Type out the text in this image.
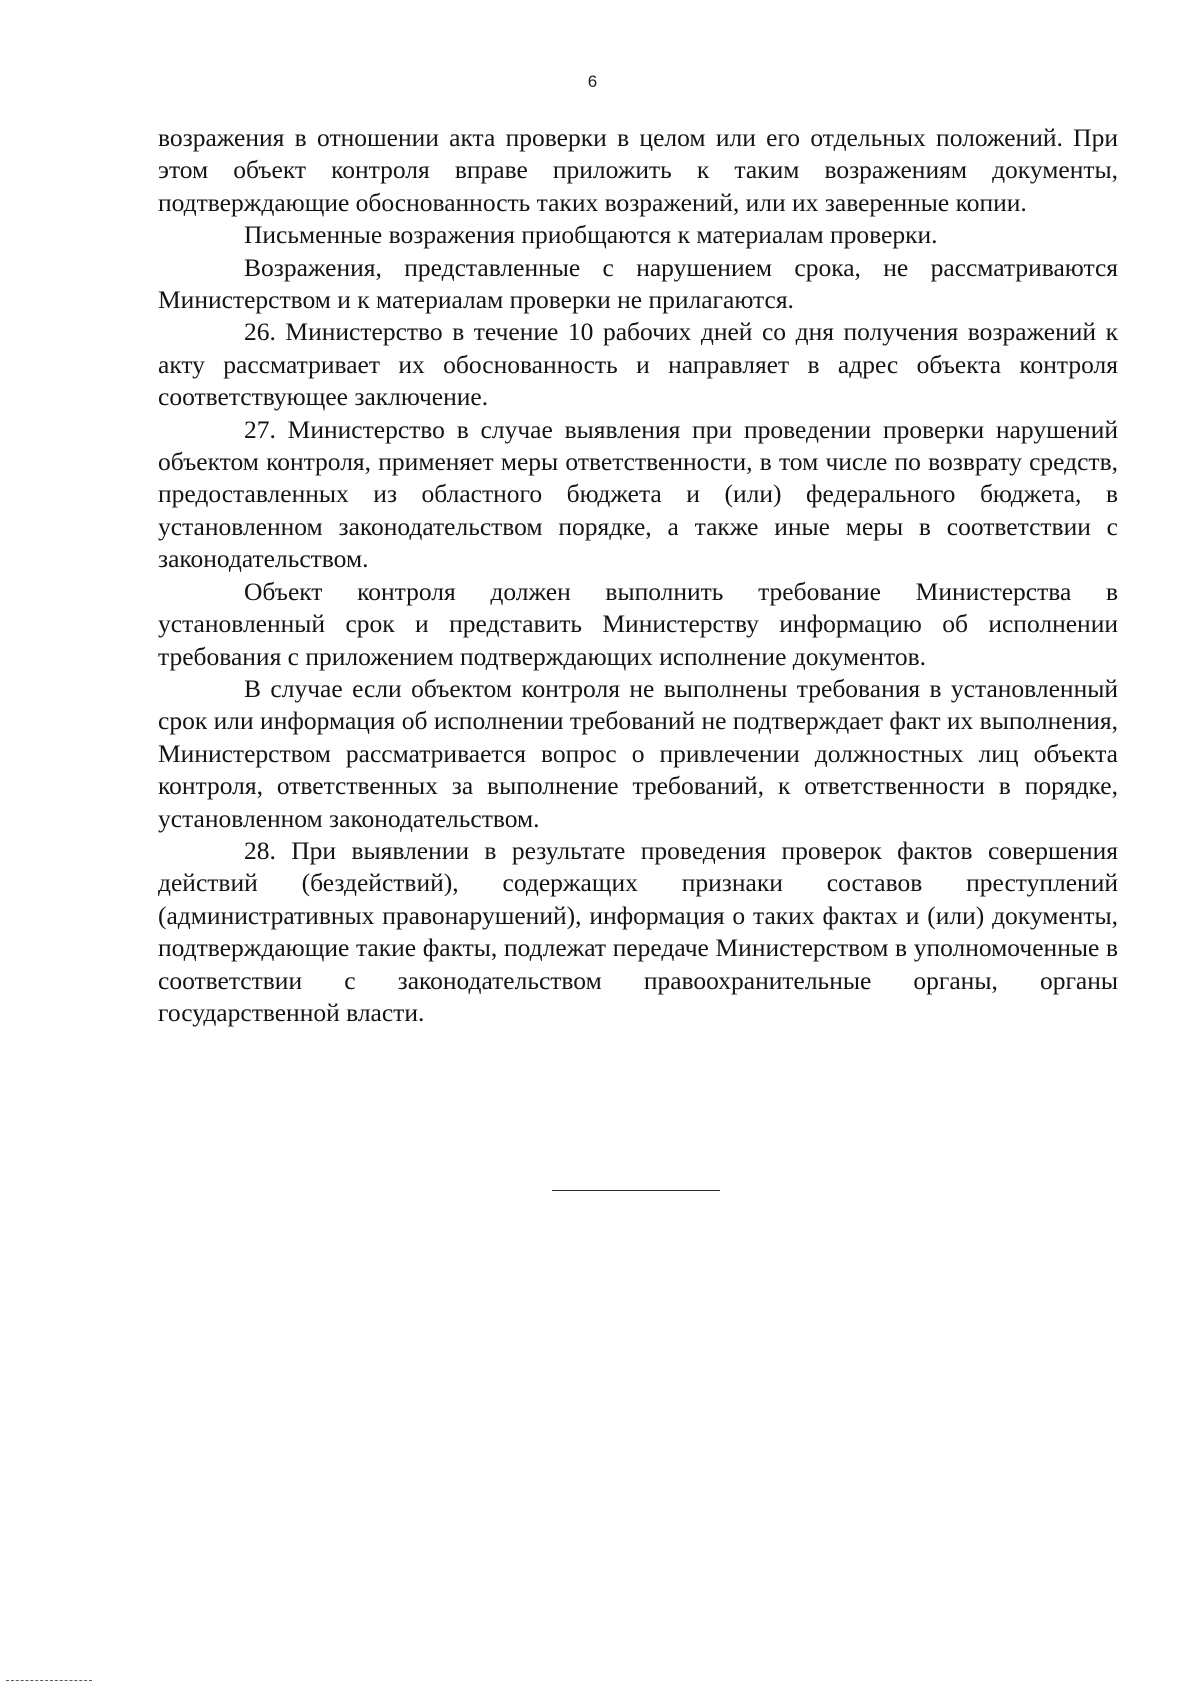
6

возражения в отношении акта проверки в целом или его отдельных положений. При этом объект контроля вправе приложить к таким возражениям документы, подтверждающие обоснованность таких возражений, или их заверенные копии.

Письменные возражения приобщаются к материалам проверки.

Возражения, представленные с нарушением срока, не рассматриваются Министерством и к материалам проверки не прилагаются.

26. Министерство в течение 10 рабочих дней со дня получения возражений к акту рассматривает их обоснованность и направляет в адрес объекта контроля соответствующее заключение.

27. Министерство в случае выявления при проведении проверки нарушений объектом контроля, применяет меры ответственности, в том числе по возврату средств, предоставленных из областного бюджета и (или) федерального бюджета, в установленном законодательством порядке, а также иные меры в соответствии с законодательством.

Объект контроля должен выполнить требование Министерства в установленный срок и представить Министерству информацию об исполнении требования с приложением подтверждающих исполнение документов.

В случае если объектом контроля не выполнены требования в установленный срок или информация об исполнении требований не подтверждает факт их выполнения, Министерством рассматривается вопрос о привлечении должностных лиц объекта контроля, ответственных за выполнение требований, к ответственности в порядке, установленном законодательством.

28. При выявлении в результате проведения проверок фактов совершения действий (бездействий), содержащих признаки составов преступлений (административных правонарушений), информация о таких фактах и (или) документы, подтверждающие такие факты, подлежат передаче Министерством в уполномоченные в соответствии с законодательством правоохранительные органы, органы государственной власти.
